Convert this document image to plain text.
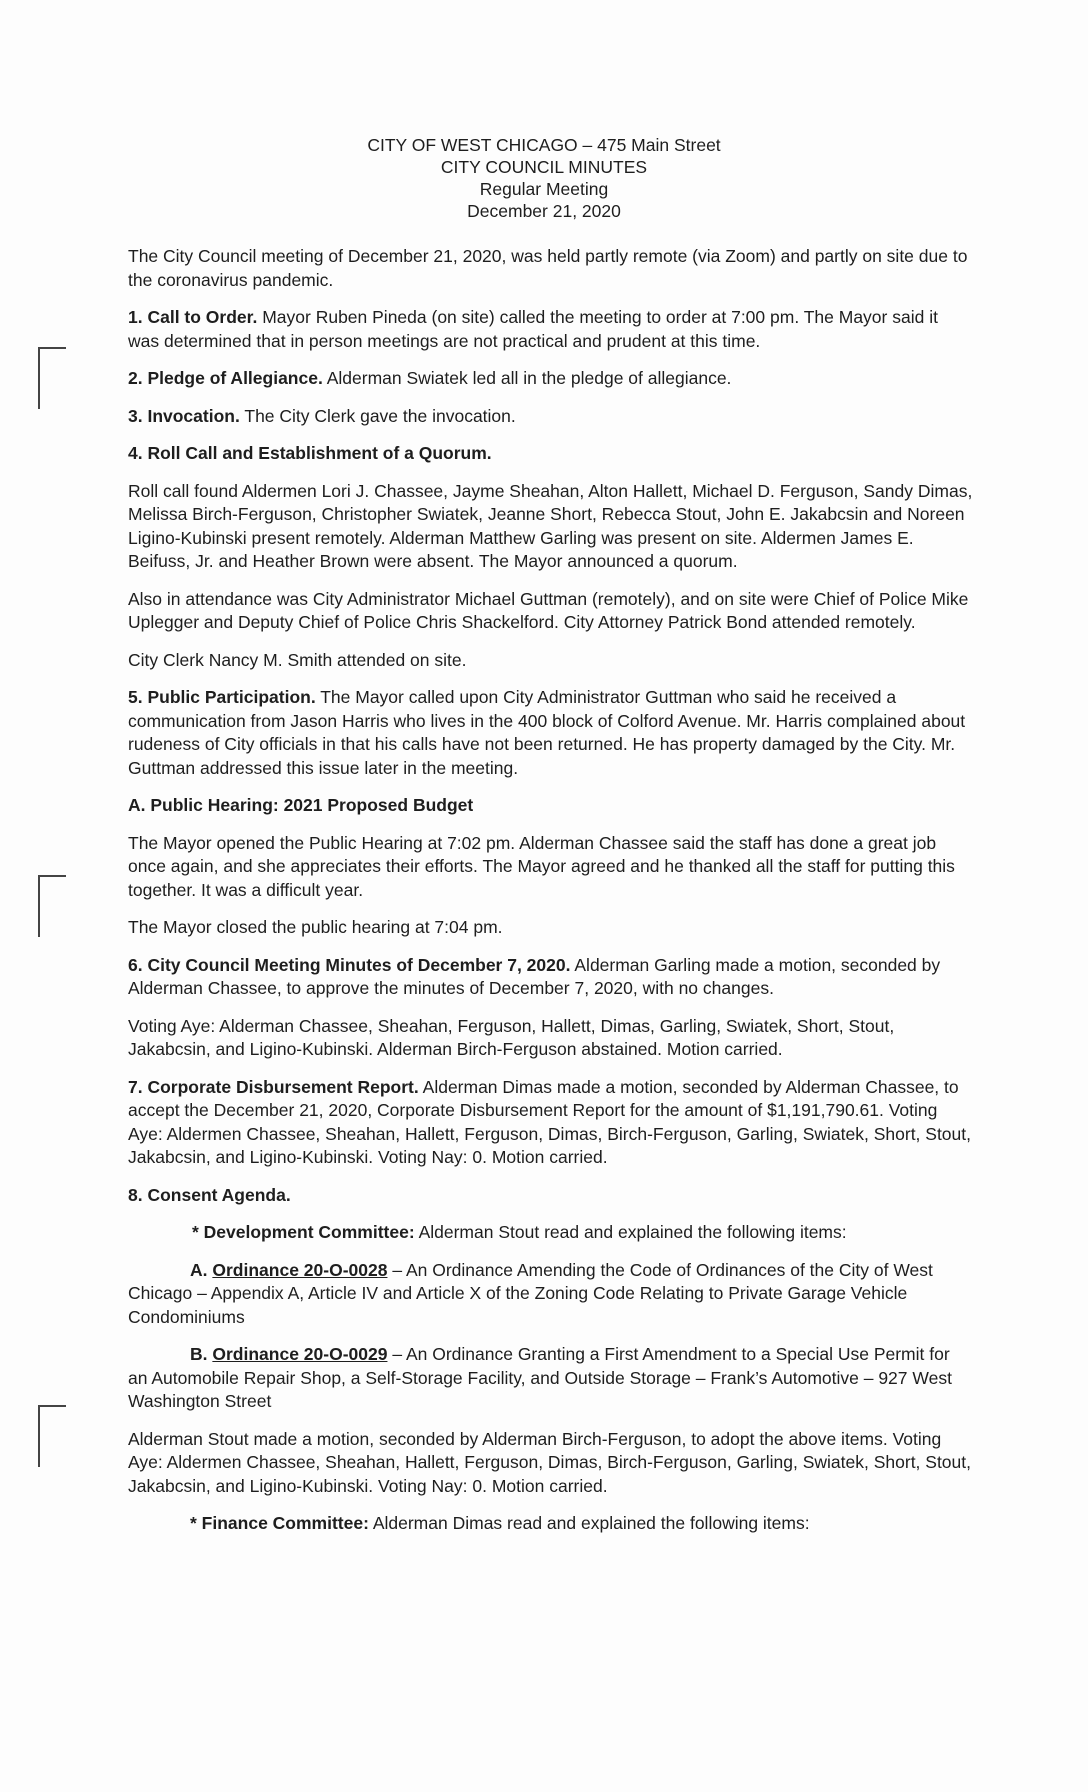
CITY OF WEST CHICAGO – 475 Main Street
CITY COUNCIL MINUTES
Regular Meeting
December 21, 2020

The City Council meeting of December 21, 2020, was held partly remote (via Zoom) and partly on site due to the coronavirus pandemic.

1. Call to Order. Mayor Ruben Pineda (on site) called the meeting to order at 7:00 pm. The Mayor said it was determined that in person meetings are not practical and prudent at this time.

2. Pledge of Allegiance. Alderman Swiatek led all in the pledge of allegiance.

3. Invocation. The City Clerk gave the invocation.

4. Roll Call and Establishment of a Quorum.

Roll call found Aldermen Lori J. Chassee, Jayme Sheahan, Alton Hallett, Michael D. Ferguson, Sandy Dimas, Melissa Birch-Ferguson, Christopher Swiatek, Jeanne Short, Rebecca Stout, John E. Jakabcsin and Noreen Ligino-Kubinski present remotely. Alderman Matthew Garling was present on site. Aldermen James E. Beifuss, Jr. and Heather Brown were absent. The Mayor announced a quorum.

Also in attendance was City Administrator Michael Guttman (remotely), and on site were Chief of Police Mike Uplegger and Deputy Chief of Police Chris Shackelford. City Attorney Patrick Bond attended remotely.

City Clerk Nancy M. Smith attended on site.

5. Public Participation. The Mayor called upon City Administrator Guttman who said he received a communication from Jason Harris who lives in the 400 block of Colford Avenue. Mr. Harris complained about rudeness of City officials in that his calls have not been returned. He has property damaged by the City. Mr. Guttman addressed this issue later in the meeting.

A. Public Hearing: 2021 Proposed Budget

The Mayor opened the Public Hearing at 7:02 pm. Alderman Chassee said the staff has done a great job once again, and she appreciates their efforts. The Mayor agreed and he thanked all the staff for putting this together. It was a difficult year.

The Mayor closed the public hearing at 7:04 pm.

6. City Council Meeting Minutes of December 7, 2020. Alderman Garling made a motion, seconded by Alderman Chassee, to approve the minutes of December 7, 2020, with no changes.

Voting Aye: Alderman Chassee, Sheahan, Ferguson, Hallett, Dimas, Garling, Swiatek, Short, Stout, Jakabcsin, and Ligino-Kubinski. Alderman Birch-Ferguson abstained. Motion carried.

7. Corporate Disbursement Report. Alderman Dimas made a motion, seconded by Alderman Chassee, to accept the December 21, 2020, Corporate Disbursement Report for the amount of $1,191,790.61. Voting Aye: Aldermen Chassee, Sheahan, Hallett, Ferguson, Dimas, Birch-Ferguson, Garling, Swiatek, Short, Stout, Jakabcsin, and Ligino-Kubinski. Voting Nay: 0. Motion carried.

8. Consent Agenda.

* Development Committee: Alderman Stout read and explained the following items:

A. Ordinance 20-O-0028 – An Ordinance Amending the Code of Ordinances of the City of West Chicago – Appendix A, Article IV and Article X of the Zoning Code Relating to Private Garage Vehicle Condominiums

B. Ordinance 20-O-0029 – An Ordinance Granting a First Amendment to a Special Use Permit for an Automobile Repair Shop, a Self-Storage Facility, and Outside Storage – Frank’s Automotive – 927 West Washington Street

Alderman Stout made a motion, seconded by Alderman Birch-Ferguson, to adopt the above items. Voting Aye: Aldermen Chassee, Sheahan, Hallett, Ferguson, Dimas, Birch-Ferguson, Garling, Swiatek, Short, Stout, Jakabcsin, and Ligino-Kubinski. Voting Nay: 0. Motion carried.

* Finance Committee: Alderman Dimas read and explained the following items:
